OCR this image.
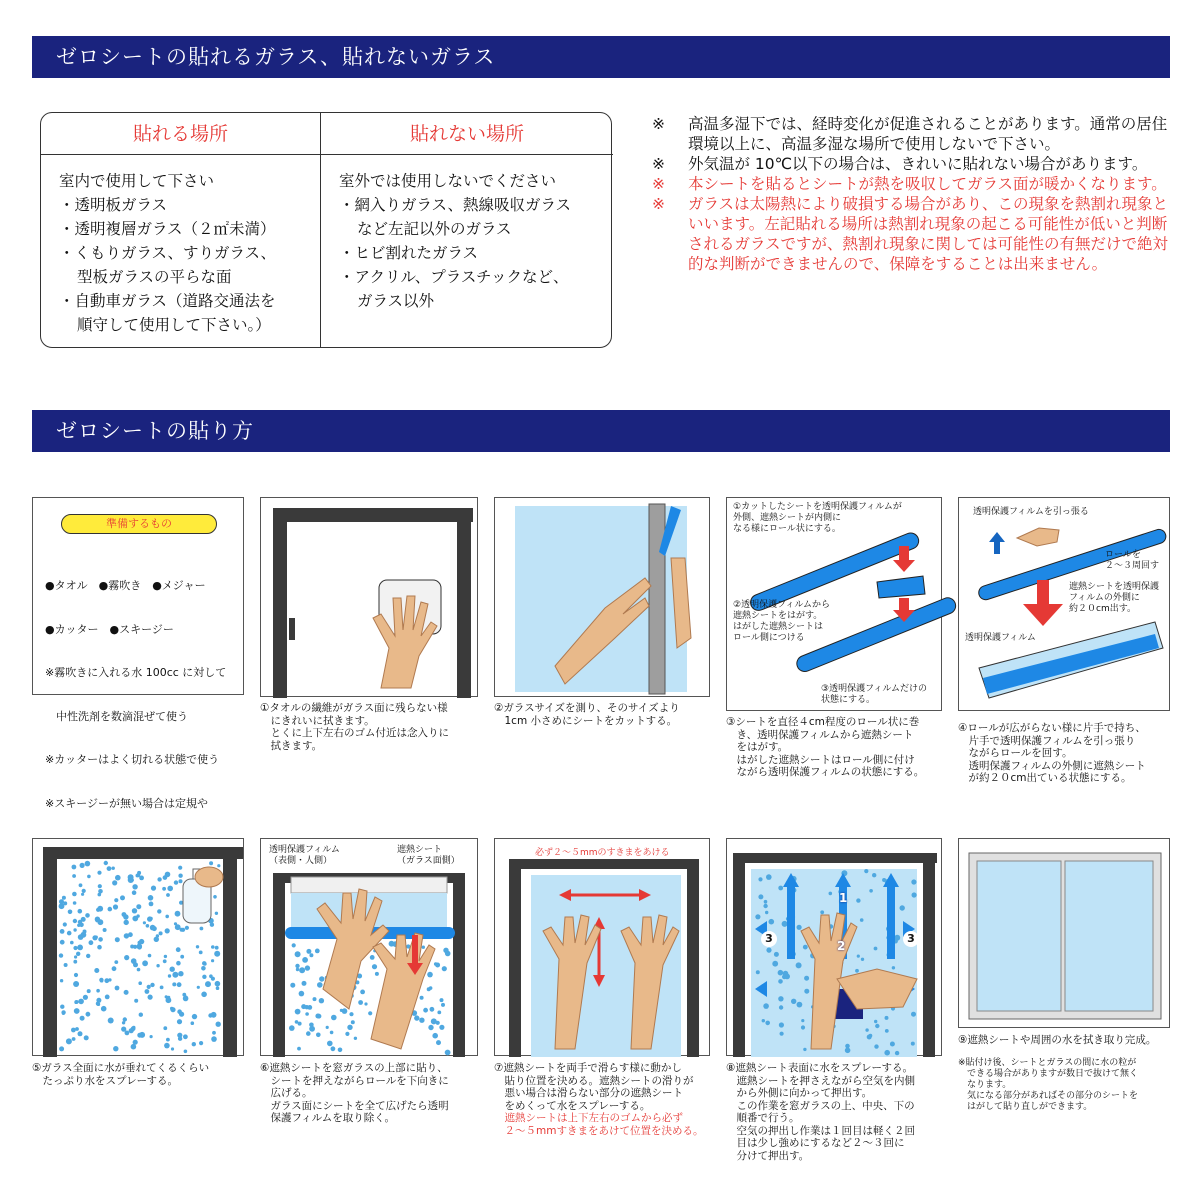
ゼロシートの貼れるガラス、貼れないガラス
貼れる場所
室内で使用して下さい
・透明板ガラス
・透明複層ガラス（２㎡未満）
・くもりガラス、すりガラス、
型板ガラスの平らな面
・自動車ガラス（道路交通法を
順守して使用して下さい。）
貼れない場所
室外では使用しないでください
・網入りガラス、熱線吸収ガラス
など左記以外のガラス
・ヒビ割れたガラス
・アクリル、プラスチックなど、
ガラス以外
※ 高温多湿下では、経時変化が促進されることがあります。通常の居住環境以上に、高温多湿な場所で使用しないで下さい。
※ 外気温が 10℃以下の場合は、きれいに貼れない場合があります。
※ 本シートを貼るとシートが熱を吸収してガラス面が暖かくなります。
※ ガラスは太陽熱により破損する場合があり、この現象を熱割れ現象といいます。左記貼れる場所は熱割れ現象の起こる可能性が低いと判断されるガラスですが、熱割れ現象に関しては可能性の有無だけで絶対的な判断ができませんので、保障をすることは出来ません。
ゼロシートの貼り方
準備するもの

●タオル　●霧吹き　●メジャー

●カッター　●スキージー

※霧吹きに入れる水 100cc に対して

　中性洗剤を数滴混ぜて使う

※カッターはよく切れる状態で使う

※スキージーが無い場合は定規や

①タオルの繊維がガラス面に残らない様
　にきれいに拭きます。
　とくに上下左右のゴム付近は念入りに
　拭きます。
②ガラスサイズを測り、そのサイズより
　1cm 小さめにシートをカットする。
①カットしたシートを透明保護フィルムが
外側、遮熱シートが内側に
なる様にロール状にする。
②透明保護フィルムから
遮熱シートをはがす。
はがした遮熱シートは
ロール側につける
③透明保護フィルムだけの
状態にする。
③シートを直径４cm程度のロール状に巻
　き、透明保護フィルムから遮熱シート
　をはがす。
　はがした遮熱シートはロール側に付け
　ながら透明保護フィルムの状態にする。
透明保護フィルムを引っ張る
ロールを
２～３周回す
遮熱シートを透明保護
フィルムの外側に
約２０cm出す。
透明保護フィルム
④ロールが広がらない様に片手で持ち、
　片手で透明保護フィルムを引っ張り
　ながらロールを回す。
　透明保護フィルムの外側に遮熱シート
　が約２０cm出ている状態にする。
⑤ガラス全面に水が垂れてくるくらい
　たっぷり水をスプレーする。
透明保護フィルム
（表側・人側）
遮熱シート
（ガラス面側）
⑥遮熱シートを窓ガラスの上部に貼り、
　シートを押えながらロールを下向きに
　広げる。
　ガラス面にシートを全て広げたら透明
　保護フィルムを取り除く。
必ず２～５mmのすきまをあける
⑦遮熱シートを両手で滑らす様に動かし
　貼り位置を決める。遮熱シートの滑りが
　悪い場合は滑らない部分の遮熱シート
　をめくって水をスプレーする。
　遮熱シートは上下左右のゴムから必ず
　２～５mmすきまをあけて位置を決める。
1
2
3	3
⑧遮熱シート表面に水をスプレーする。
　遮熱シートを押さえながら空気を内側
　から外側に向かって押出す。
　この作業を窓ガラスの上、中央、下の
　順番で行う。
　空気の押出し作業は１回目は軽く２回
　目は少し強めにするなど２～３回に
　分けて押出す。
⑨遮熱シートや周囲の水を拭き取り完成。
※貼付け後、シートとガラスの間に水の粒が
　できる場合がありますが数日で抜けて無く
　なります。
　気になる部分があればその部分のシートを
　はがして貼り直しができます。
